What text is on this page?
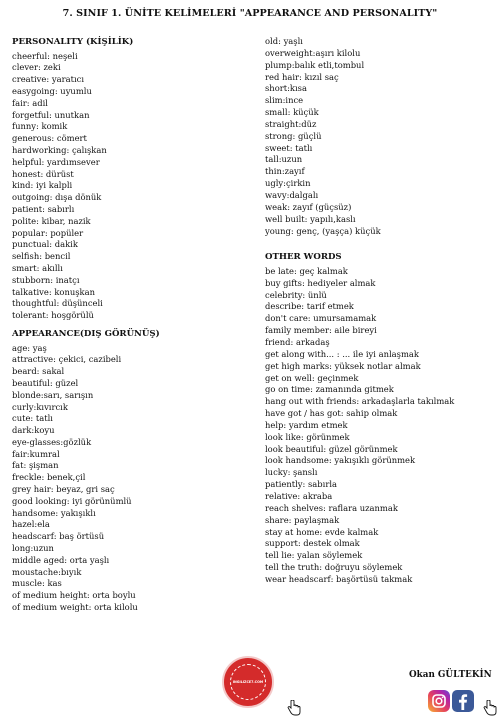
7. SINIF 1. ÜNİTE KELİMELERİ "APPEARANCE AND PERSONALITY"
PERSONALITY (KİŞİLİK)
cheerful: neşeli
clever: zeki
creative: yaratıcı
easygoing: uyumlu
fair: adil
forgetful: unutkan
funny: komik
generous: cömert
hardworking: çalışkan
helpful: yardımsever
honest: dürüst
kind: iyi kalpli
outgoing: dışa dönük
patient: sabırlı
polite: kibar, nazik
popular: popüler
punctual: dakik
selfish: bencil
smart: akıllı
stubborn: inatçı
talkative: konuşkan
thoughtful: düşünceli
tolerant: hoşgörülü
APPEARANCE(DIŞ GÖRÜNÜŞ)
age: yaş
attractive: çekici, cazibeli
beard: sakal
beautiful: güzel
blonde:sarı, sarışın
curly:kıvırcık
cute: tatlı
dark:koyu
eye-glasses:gözlük
fair:kumral
fat: şişman
freckle: benek,çil
grey hair: beyaz, gri saç
good looking: iyi görünümlü
handsome: yakışıklı
hazel:ela
headscarf: baş örtüsü
long:uzun
middle aged: orta yaşlı
moustache:bıyık
muscle: kas
of medium height: orta boylu
of medium weight: orta kilolu
old: yaşlı
overweight:aşırı kilolu
plump:balık etli,tombul
red hair: kızıl saç
short:kısa
slim:ince
small: küçük
straight:düz
strong: güçlü
sweet: tatlı
tall:uzun
thin:zayıf
ugly:çirkin
wavy:dalgalı
weak: zayıf (güçsüz)
well built: yapılı,kaslı
young: genç, (yaşça) küçük
OTHER WORDS
be late: geç kalmak
buy gifts: hediyeler almak
celebrity: ünlü
describe: tarif etmek
don't care: umursamamak
family member: aile bireyi
friend: arkadaş
get along with... : ... ile iyi anlaşmak
get high marks: yüksek notlar almak
get on well: geçinmek
go on time: zamanında gitmek
hang out with friends: arkadaşlarla takılmak
have got / has got: sahip olmak
help: yardım etmek
look like: görünmek
look beautiful: güzel görünmek
look handsome: yakışıklı görünmek
lucky: şanslı
patiently: sabırla
relative: akraba
reach shelves: raflara uzanmak
share: paylaşmak
stay at home: evde kalmak
support: destek olmak
tell lie: yalan söylemek
tell the truth: doğruyu söylemek
wear headscarf: başörtüsü takmak
INGILIZCE7.COM
Okan GÜLTEKİN
